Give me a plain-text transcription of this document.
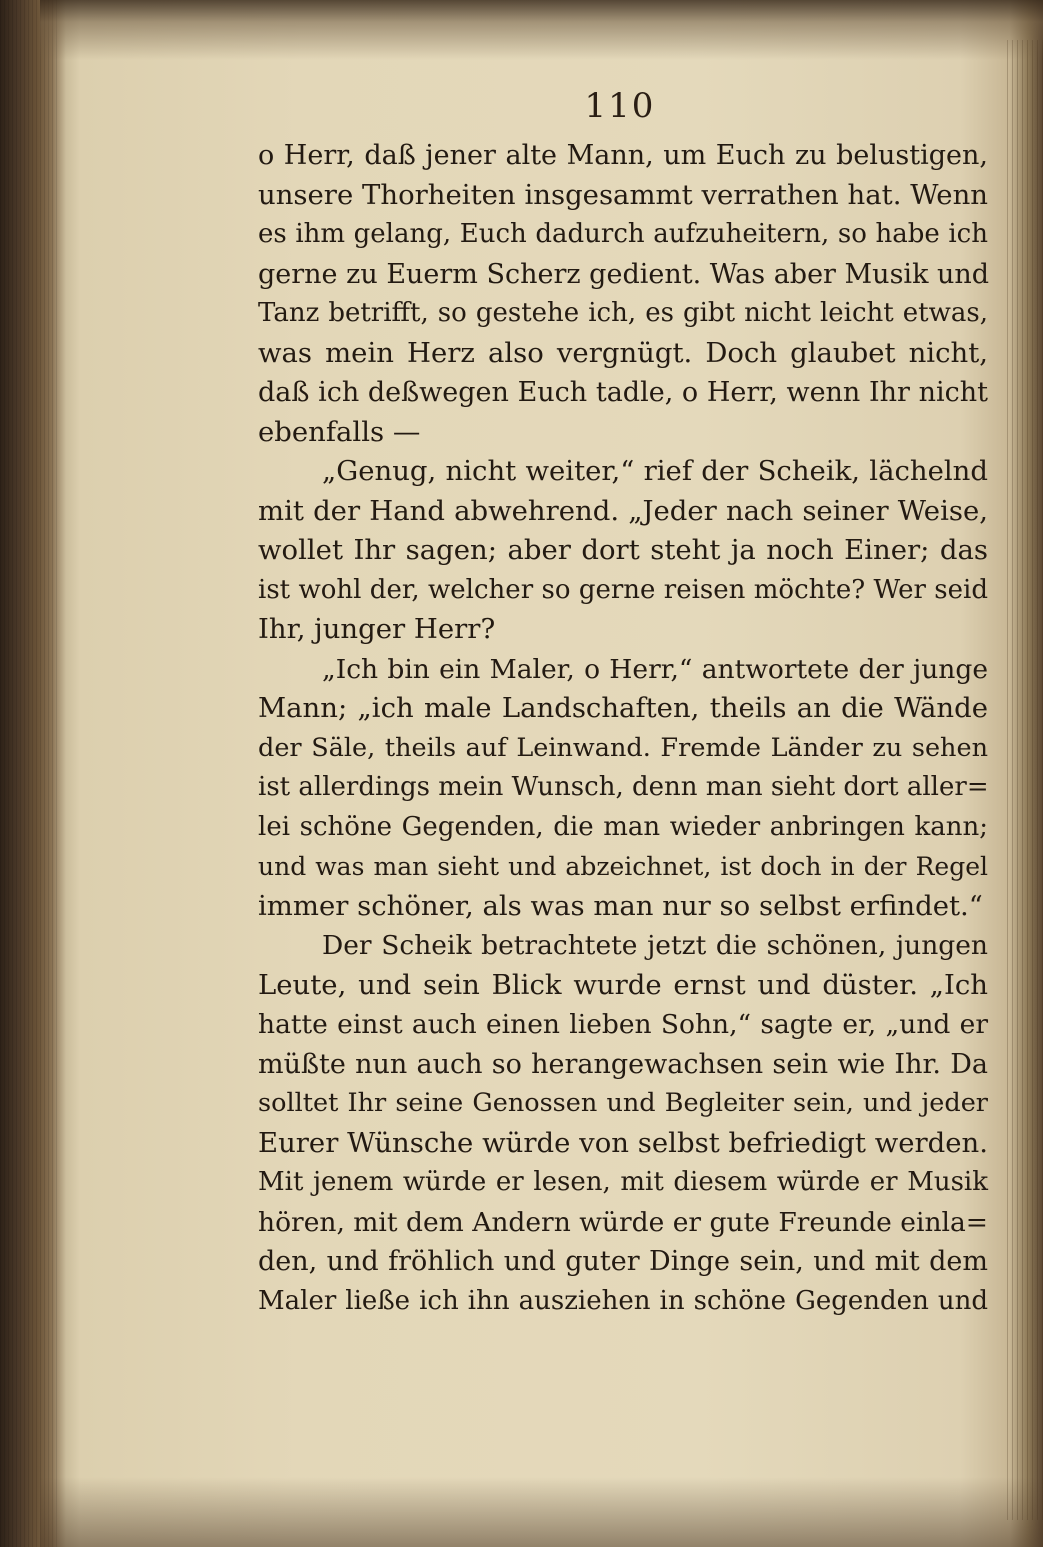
110
o Herr, daß jener alte Mann, um Euch zu belustigen,
unsere Thorheiten insgesammt verrathen hat. Wenn
es ihm gelang, Euch dadurch aufzuheitern, so habe ich
gerne zu Euerm Scherz gedient. Was aber Musik und
Tanz betrifft, so gestehe ich, es gibt nicht leicht etwas,
was mein Herz also vergnügt. Doch glaubet nicht,
daß ich deßwegen Euch tadle, o Herr, wenn Ihr nicht
ebenfalls —
„Genug, nicht weiter,“ rief der Scheik, lächelnd
mit der Hand abwehrend. „Jeder nach seiner Weise,
wollet Ihr sagen; aber dort steht ja noch Einer; das
ist wohl der, welcher so gerne reisen möchte? Wer seid
Ihr, junger Herr?
„Ich bin ein Maler, o Herr,“ antwortete der junge
Mann; „ich male Landschaften, theils an die Wände
der Säle, theils auf Leinwand. Fremde Länder zu sehen
ist allerdings mein Wunsch, denn man sieht dort aller=
lei schöne Gegenden, die man wieder anbringen kann;
und was man sieht und abzeichnet, ist doch in der Regel
immer schöner, als was man nur so selbst erfindet.“
Der Scheik betrachtete jetzt die schönen, jungen
Leute, und sein Blick wurde ernst und düster. „Ich
hatte einst auch einen lieben Sohn,“ sagte er, „und er
müßte nun auch so herangewachsen sein wie Ihr. Da
solltet Ihr seine Genossen und Begleiter sein, und jeder
Eurer Wünsche würde von selbst befriedigt werden.
Mit jenem würde er lesen, mit diesem würde er Musik
hören, mit dem Andern würde er gute Freunde einla=
den, und fröhlich und guter Dinge sein, und mit dem
Maler ließe ich ihn ausziehen in schöne Gegenden und
